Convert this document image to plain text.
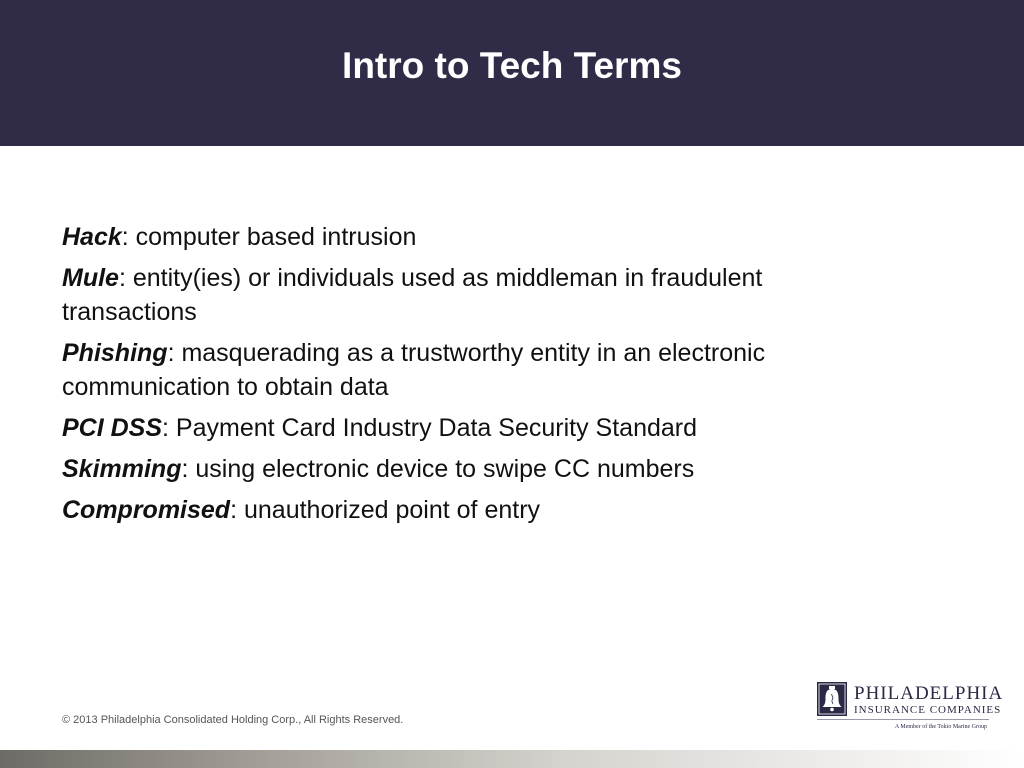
Intro to Tech Terms
Hack: computer based intrusion
Mule: entity(ies) or individuals used as middleman in fraudulent transactions
Phishing: masquerading as a trustworthy entity in an electronic communication to obtain data
PCI DSS: Payment Card Industry Data Security Standard
Skimming: using electronic device to swipe CC numbers
Compromised: unauthorized point of entry
© 2013 Philadelphia Consolidated Holding Corp., All Rights Reserved.
PHILADELPHIA
INSURANCE COMPANIES
A Member of the Tokio Marine Group
